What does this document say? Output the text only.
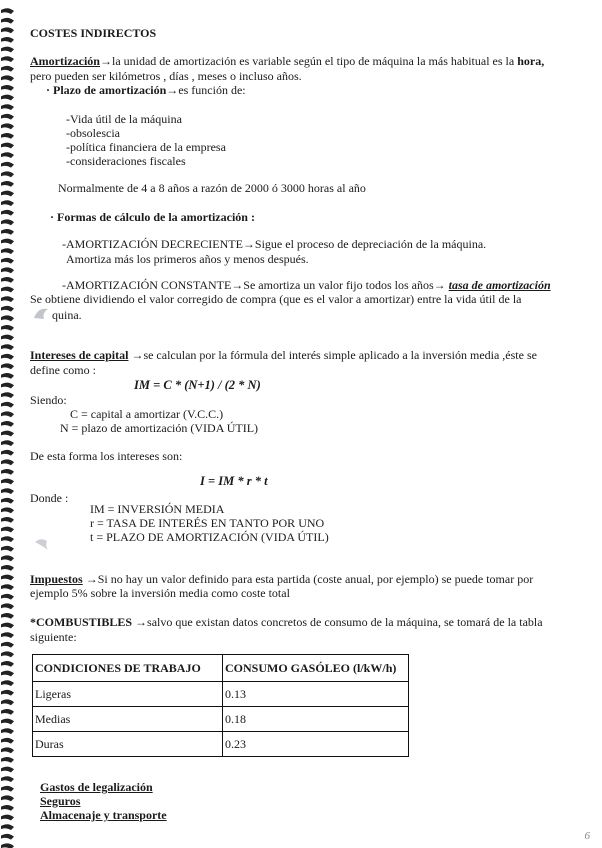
COSTES INDIRECTOS
Amortización→la unidad de amortización es variable según el tipo de máquina la más habitual es la hora,
pero pueden ser kilómetros , días , meses o incluso años.
· Plazo de amortización→es función de:
-Vida útil de la máquina
-obsolescia
-política financiera de la empresa
-consideraciones fiscales
Normalmente de 4 a 8 años a razón de 2000 ó 3000 horas al año
· Formas de cálculo de la amortización :
-AMORTIZACIÓN DECRECIENTE→Sigue el proceso de depreciación de la máquina.
Amortiza más los primeros años y menos después.
-AMORTIZACIÓN CONSTANTE→Se amortiza un valor fijo todos los años→ tasa de amortización
Se obtiene dividiendo el valor corregido de compra (que es el valor a amortizar) entre la vida útil de la
quina.
Intereses de capital →se calculan por la fórmula del interés simple aplicado a la inversión media ,éste se
define como :
IM = C * (N+1) / (2 * N)
Siendo:
C = capital a amortizar (V.C.C.)
N = plazo de amortización (VIDA ÚTIL)
De esta forma los intereses son:
I = IM * r * t
Donde :
IM = INVERSIÓN MEDIA
r = TASA DE INTERÉS EN TANTO POR UNO
t = PLAZO DE AMORTIZACIÓN (VIDA ÚTIL)
Impuestos →Si no hay un valor definido para esta partida (coste anual, por ejemplo) se puede tomar por
ejemplo 5% sobre la inversión media como coste total
*COMBUSTIBLES →salvo que existan datos concretos de consumo de la máquina, se tomará de la tabla
siguiente:
CONDICIONES DE TRABAJO	CONSUMO GASÓLEO (l/kW/h)
Ligeras	0.13
Medias	0.18
Duras	0.23
Gastos de legalización
Seguros
Almacenaje y transporte
6
